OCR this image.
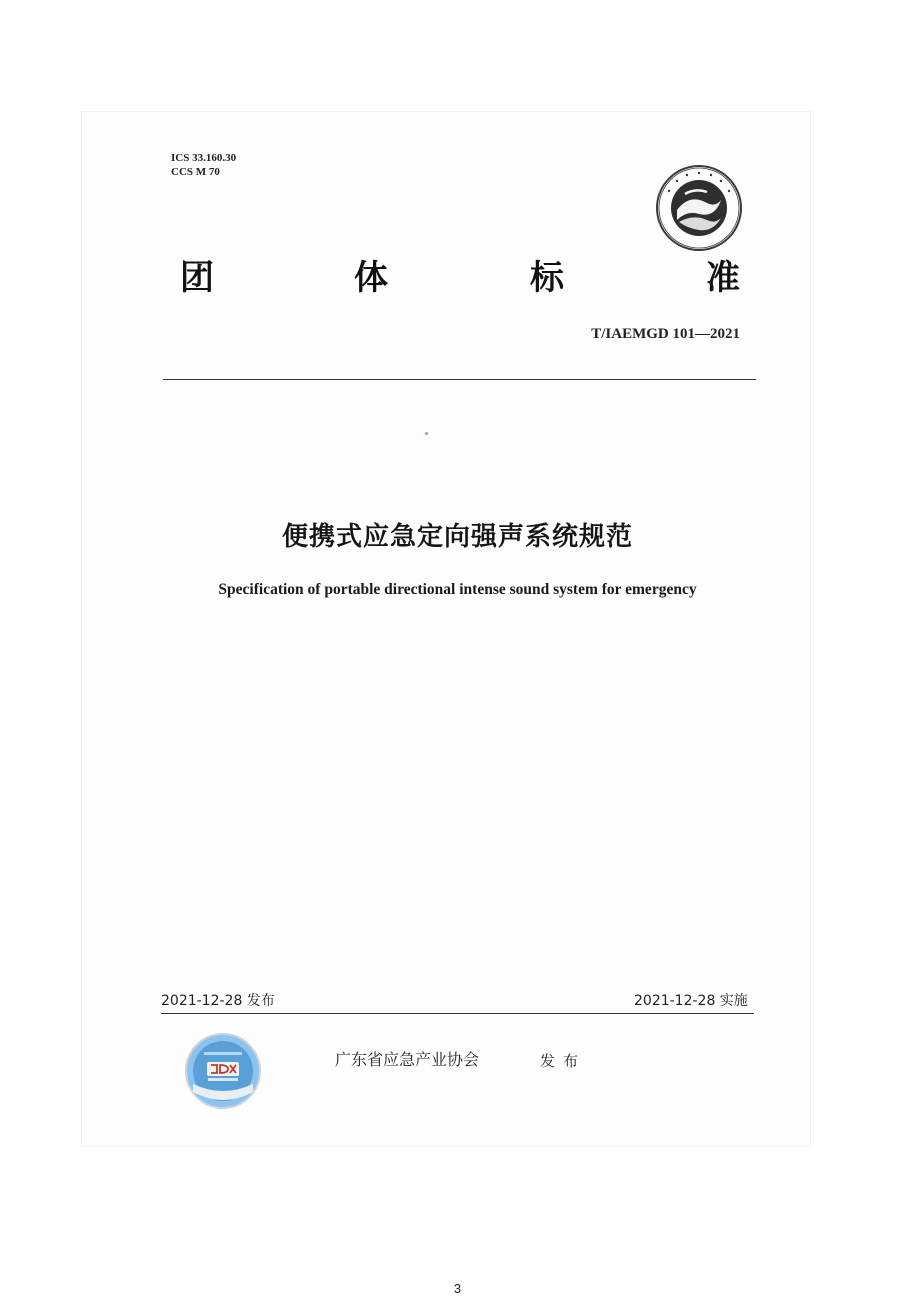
ICS 33.160.30
CCS M 70
团	体	标	准
T/IAEMGD 101—2021
便携式应急定向强声系统规范
Specification of portable directional intense sound system for emergency
2021-12-28 发布	2021-12-28 实施
广东省应急产业协会	发布
3
